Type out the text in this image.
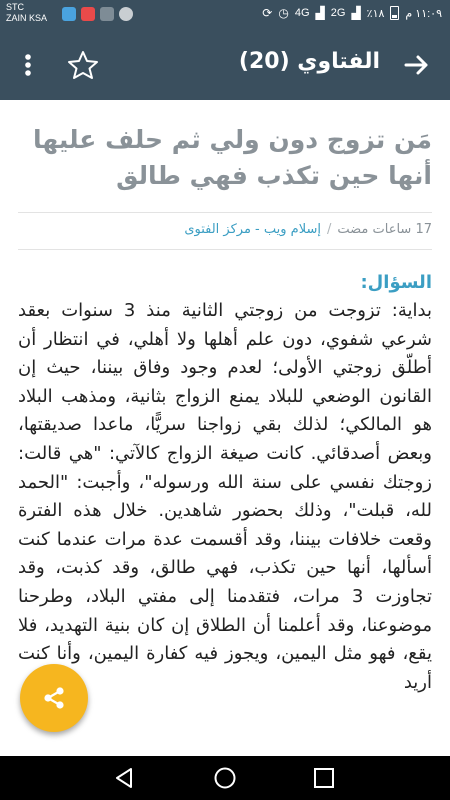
STC
ZAIN KSA	⟳ ◷ 4G ▟ 2G ▟ ٪١٨ ١١:٠٩ م
الفتاوي (20)
مَن تزوج دون ولي ثم حلف عليها أنها حين تكذب فهي طالق
17 ساعات مضت
/
إسلام ويب - مركز الفتوى
السؤال:

بداية: تزوجت من زوجتي الثانية منذ 3 سنوات بعقد شرعي شفوي، دون علم أهلها ولا أهلي، في انتظار أن أطلّق زوجتي الأولى؛ لعدم وجود وفاق بيننا، حيث إن القانون الوضعي للبلاد يمنع الزواج بثانية، ومذهب البلاد هو المالكي؛ لذلك بقي زواجنا سريًّا، ماعدا صديقتها، وبعض أصدقائي. كانت صيغة الزواج كالآتي: "هي قالت: زوجتك نفسي على سنة الله ورسوله"، وأجبت: "الحمد لله، قبلت"، وذلك بحضور شاهدين. خلال هذه الفترة وقعت خلافات بيننا، وقد أقسمت عدة مرات عندما كنت أسألها، أنها حين تكذب، فهي طالق، وقد كذبت، وقد تجاوزت 3 مرات، فتقدمنا إلى مفتي البلاد، وطرحنا موضوعنا، وقد أعلمنا أن الطلاق إن كان بنية التهديد، فلا يقع، فهو مثل اليمين، ويجوز فيه كفارة اليمين، وأنا كنت أريد
